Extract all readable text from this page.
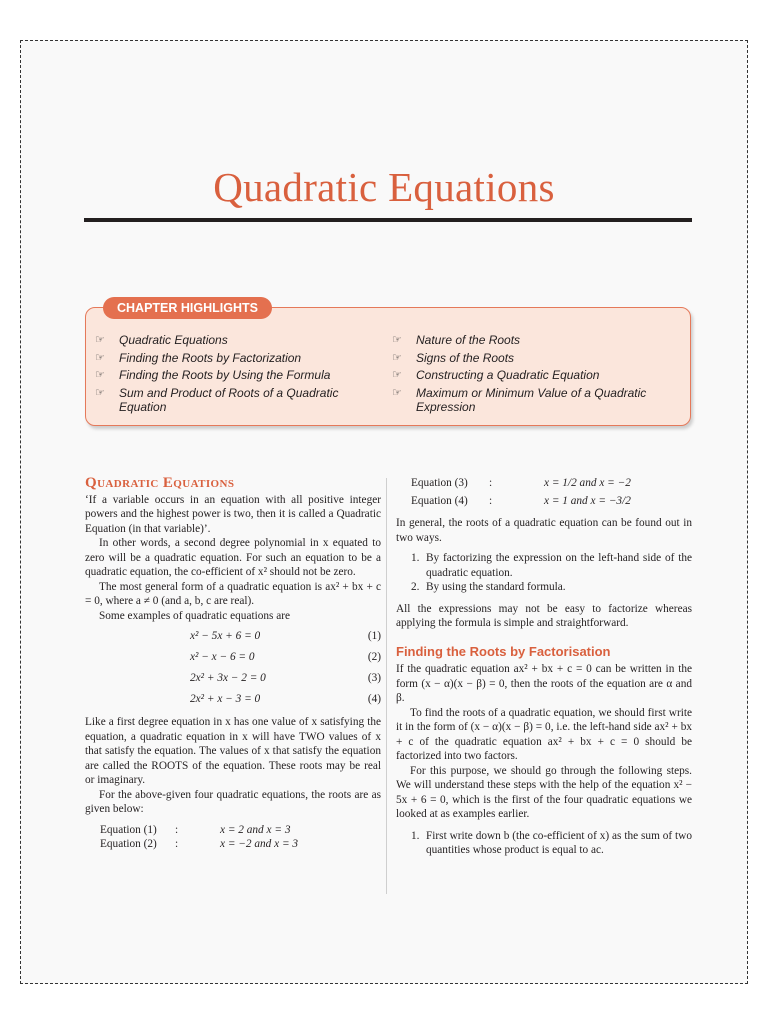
Quadratic Equations
CHAPTER HIGHLIGHTS
☞ Quadratic Equations
☞ Finding the Roots by Factorization
☞ Finding the Roots by Using the Formula
☞ Sum and Product of Roots of a Quadratic Equation
☞ Nature of the Roots
☞ Signs of the Roots
☞ Constructing a Quadratic Equation
☞ Maximum or Minimum Value of a Quadratic Expression
Quadratic Equations

‘If a variable occurs in an equation with all positive integer powers and the highest power is two, then it is called a Quadratic Equation (in that variable)’.

In other words, a second degree polynomial in x equated to zero will be a quadratic equation. For such an equation to be a quadratic equation, the co-efficient of x² should not be zero.

The most general form of a quadratic equation is ax² + bx + c = 0, where a ≠ 0 (and a, b, c are real).

Some examples of quadratic equations are

x² − 5x + 6 = 0	(1)
x² − x − 6 = 0	(2)
2x² + 3x − 2 = 0	(3)
2x² + x − 3 = 0	(4)

Like a first degree equation in x has one value of x satisfying the equation, a quadratic equation in x will have TWO values of x that satisfy the equation. The values of x that satisfy the equation are called the ROOTS of the equation. These roots may be real or imaginary.

For the above-given four quadratic equations, the roots are as given below:

Equation (1) :	x = 2 and x = 3
Equation (2) :	x = −2 and x = 3
Equation (3) :	x = 1/2 and x = −2
Equation (4) :	x = 1 and x = −3/2

In general, the roots of a quadratic equation can be found out in two ways.

1. By factorizing the expression on the left-hand side of the quadratic equation.
2. By using the standard formula.

All the expressions may not be easy to factorize whereas applying the formula is simple and straightforward.

Finding the Roots by Factorisation

If the quadratic equation ax² + bx + c = 0 can be written in the form (x − α)(x − β) = 0, then the roots of the equation are α and β.

To find the roots of a quadratic equation, we should first write it in the form of (x − α)(x − β) = 0, i.e. the left-hand side ax² + bx + c of the quadratic equation ax² + bx + c = 0 should be factorized into two factors.

For this purpose, we should go through the following steps. We will understand these steps with the help of the equation x² − 5x + 6 = 0, which is the first of the four quadratic equations we looked at as examples earlier.

1. First write down b (the co-efficient of x) as the sum of two quantities whose product is equal to ac.
